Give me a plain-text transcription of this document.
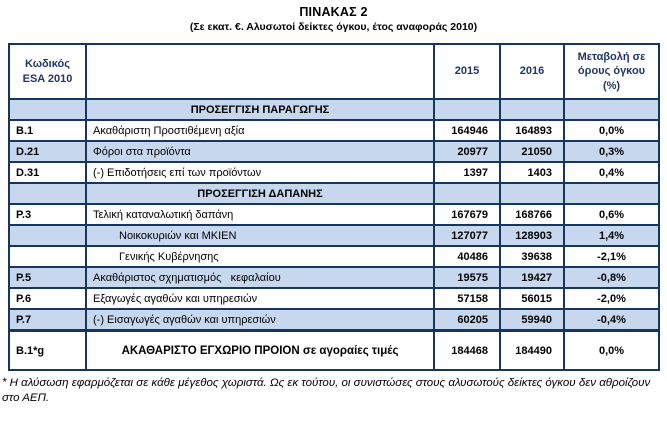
ΠΙΝΑΚΑΣ 2
(Σε εκατ. €. Αλυσωτοί δείκτες όγκου, έτος αναφοράς 2010)
Κωδικός ESA 2010		2015	2016	Μεταβολή σε όρους όγκου (%)
	ΠΡΟΣΕΓΓΙΣΗ ΠΑΡΑΓΩΓΗΣ			
B.1	Ακαθάριστη Προστιθέμενη αξία	164946	164893	0,0%
D.21	Φόροι στα προϊόντα	20977	21050	0,3%
D.31	(-) Επιδοτήσεις επί των προϊόντων	1397	1403	0,4%
	ΠΡΟΣΕΓΓΙΣΗ ΔΑΠΑΝΗΣ			
P.3	Τελική καταναλωτική δαπάνη	167679	168766	0,6%
	Νοικοκυριών και ΜΚΙΕΝ	127077	128903	1,4%
	Γενικής Κυβέρνησης	40486	39638	-2,1%
P.5	Ακαθάριστος σχηματισμός   κεφαλαίου	19575	19427	-0,8%
P.6	Εξαγωγές αγαθών και υπηρεσιών	57158	56015	-2,0%
P.7	(-) Εισαγωγές αγαθών και υπηρεσιών	60205	59940	-0,4%
B.1*g	ΑΚΑΘΑΡΙΣΤΟ ΕΓΧΩΡΙΟ ΠΡΟΙΟΝ σε αγοραίες τιμές	184468	184490	0,0%
* Η αλύσωση εφαρμόζεται σε κάθε μέγεθος χωριστά. Ως εκ τούτου, οι συνιστώσες στους αλυσωτούς δείκτες όγκου δεν αθροίζουν στο ΑΕΠ.
